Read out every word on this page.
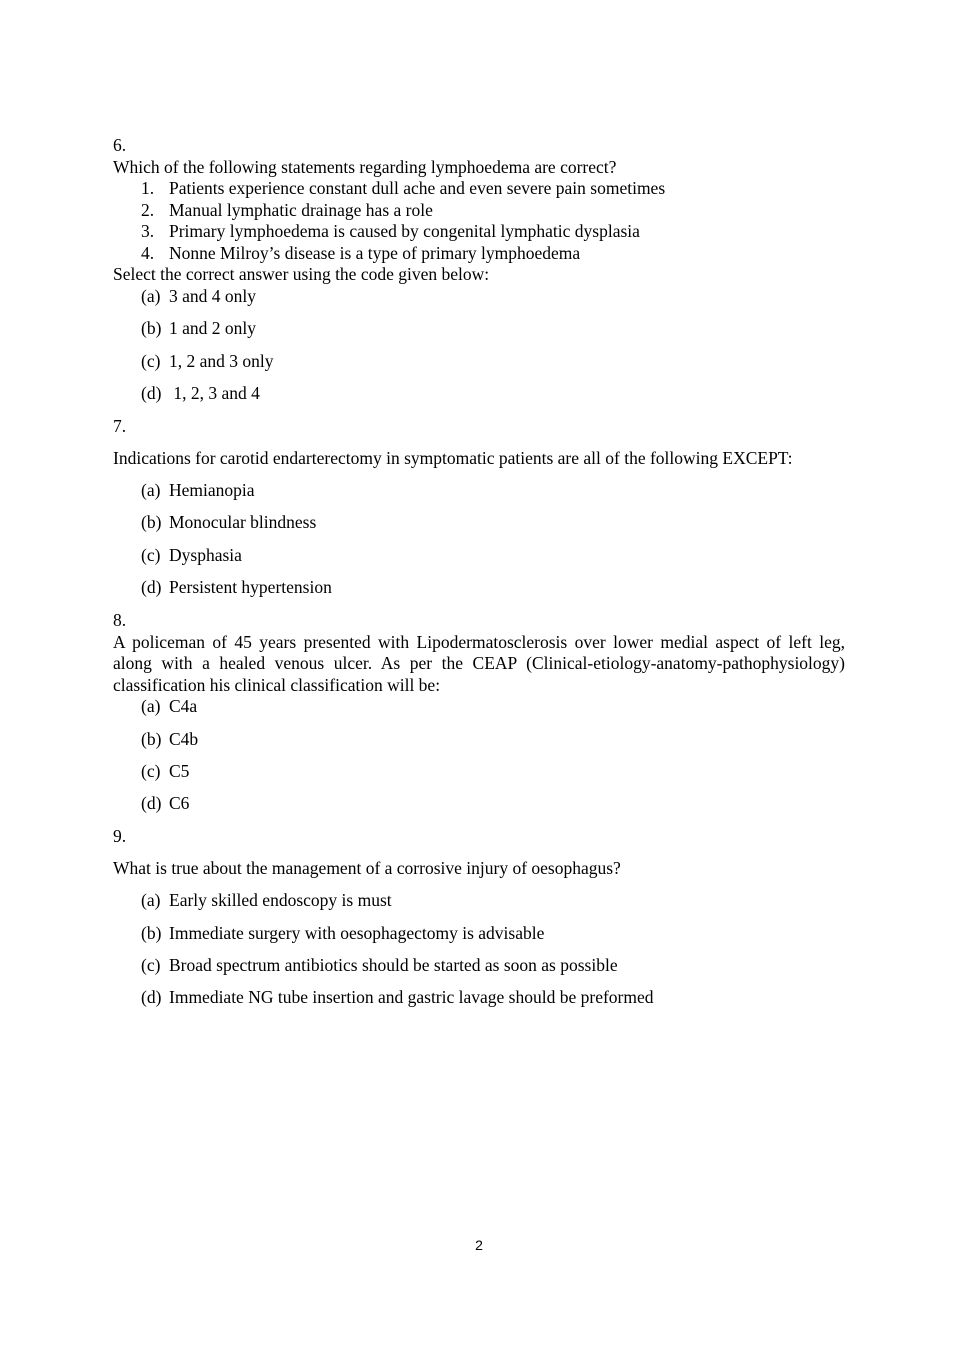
6.
Which of the following statements regarding lymphoedema are correct?
1. Patients experience constant dull ache and even severe pain sometimes
2. Manual lymphatic drainage has a role
3. Primary lymphoedema is caused by congenital lymphatic dysplasia
4. Nonne Milroy’s disease is a type of primary lymphoedema
Select the correct answer using the code given below:
(a) 3 and 4 only
(b) 1 and 2 only
(c) 1, 2 and 3 only
(d) 1, 2, 3 and 4
7.
Indications for carotid endarterectomy in symptomatic patients are all of the following EXCEPT:
(a) Hemianopia
(b) Monocular blindness
(c) Dysphasia
(d) Persistent hypertension
8.
A policeman of 45 years presented with Lipodermatosclerosis over lower medial aspect of left leg, along with a healed venous ulcer. As per the CEAP (Clinical-etiology-anatomy-pathophysiology) classification his clinical classification will be:
(a) C4a
(b) C4b
(c) C5
(d) C6
9.
What is true about the management of a corrosive injury of oesophagus?
(a) Early skilled endoscopy is must
(b) Immediate surgery with oesophagectomy is advisable
(c) Broad spectrum antibiotics should be started as soon as possible
(d) Immediate NG tube insertion and gastric lavage should be preformed
2
